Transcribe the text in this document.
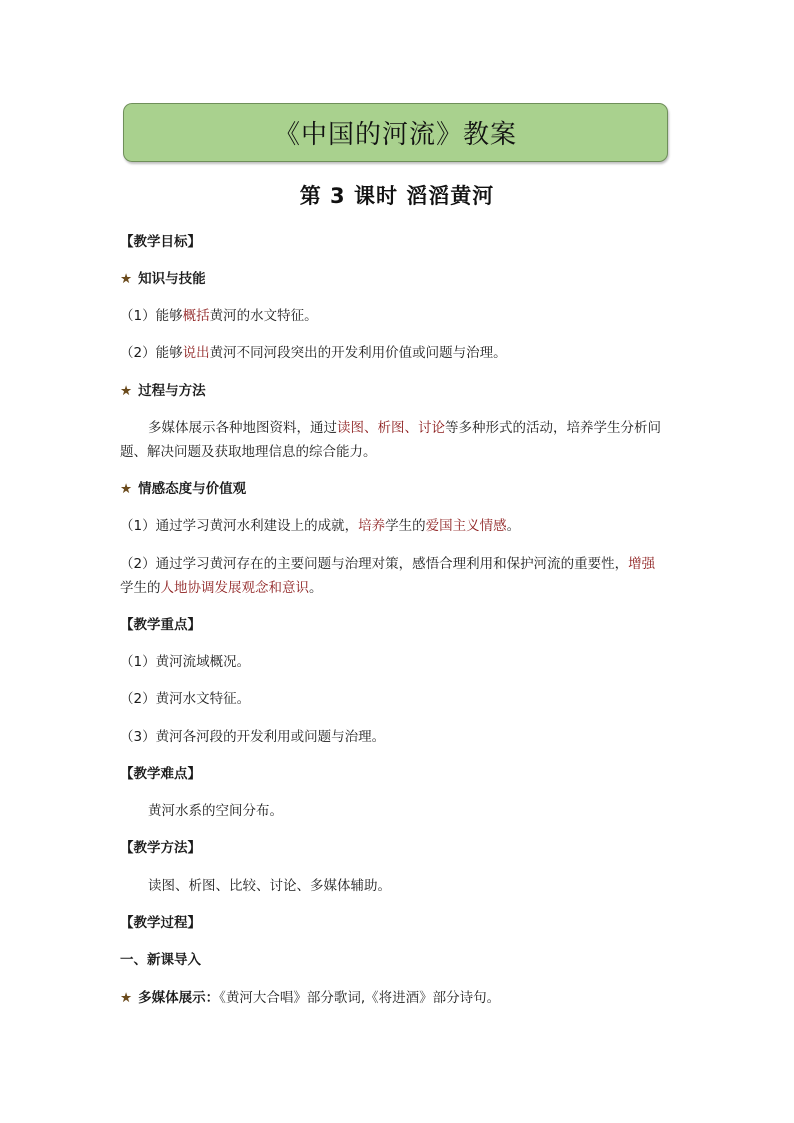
《中国的河流》教案
第 3 课时 滔滔黄河
【教学目标】
★ 知识与技能
（1）能够概括黄河的水文特征。
（2）能够说出黄河不同河段突出的开发利用价值或问题与治理。
★ 过程与方法
多媒体展示各种地图资料，通过读图、析图、讨论等多种形式的活动，培养学生分析问
题、解决问题及获取地理信息的综合能力。
★ 情感态度与价值观
（1）通过学习黄河水利建设上的成就，培养学生的爱国主义情感。
（2）通过学习黄河存在的主要问题与治理对策，感悟合理利用和保护河流的重要性，增强
学生的人地协调发展观念和意识。
【教学重点】
（1）黄河流域概况。
（2）黄河水文特征。
（3）黄河各河段的开发利用或问题与治理。
【教学难点】
黄河水系的空间分布。
【教学方法】
读图、析图、比较、讨论、多媒体辅助。
【教学过程】
一、新课导入
★ 多媒体展示：《黄河大合唱》部分歌词,《将进酒》部分诗句。
